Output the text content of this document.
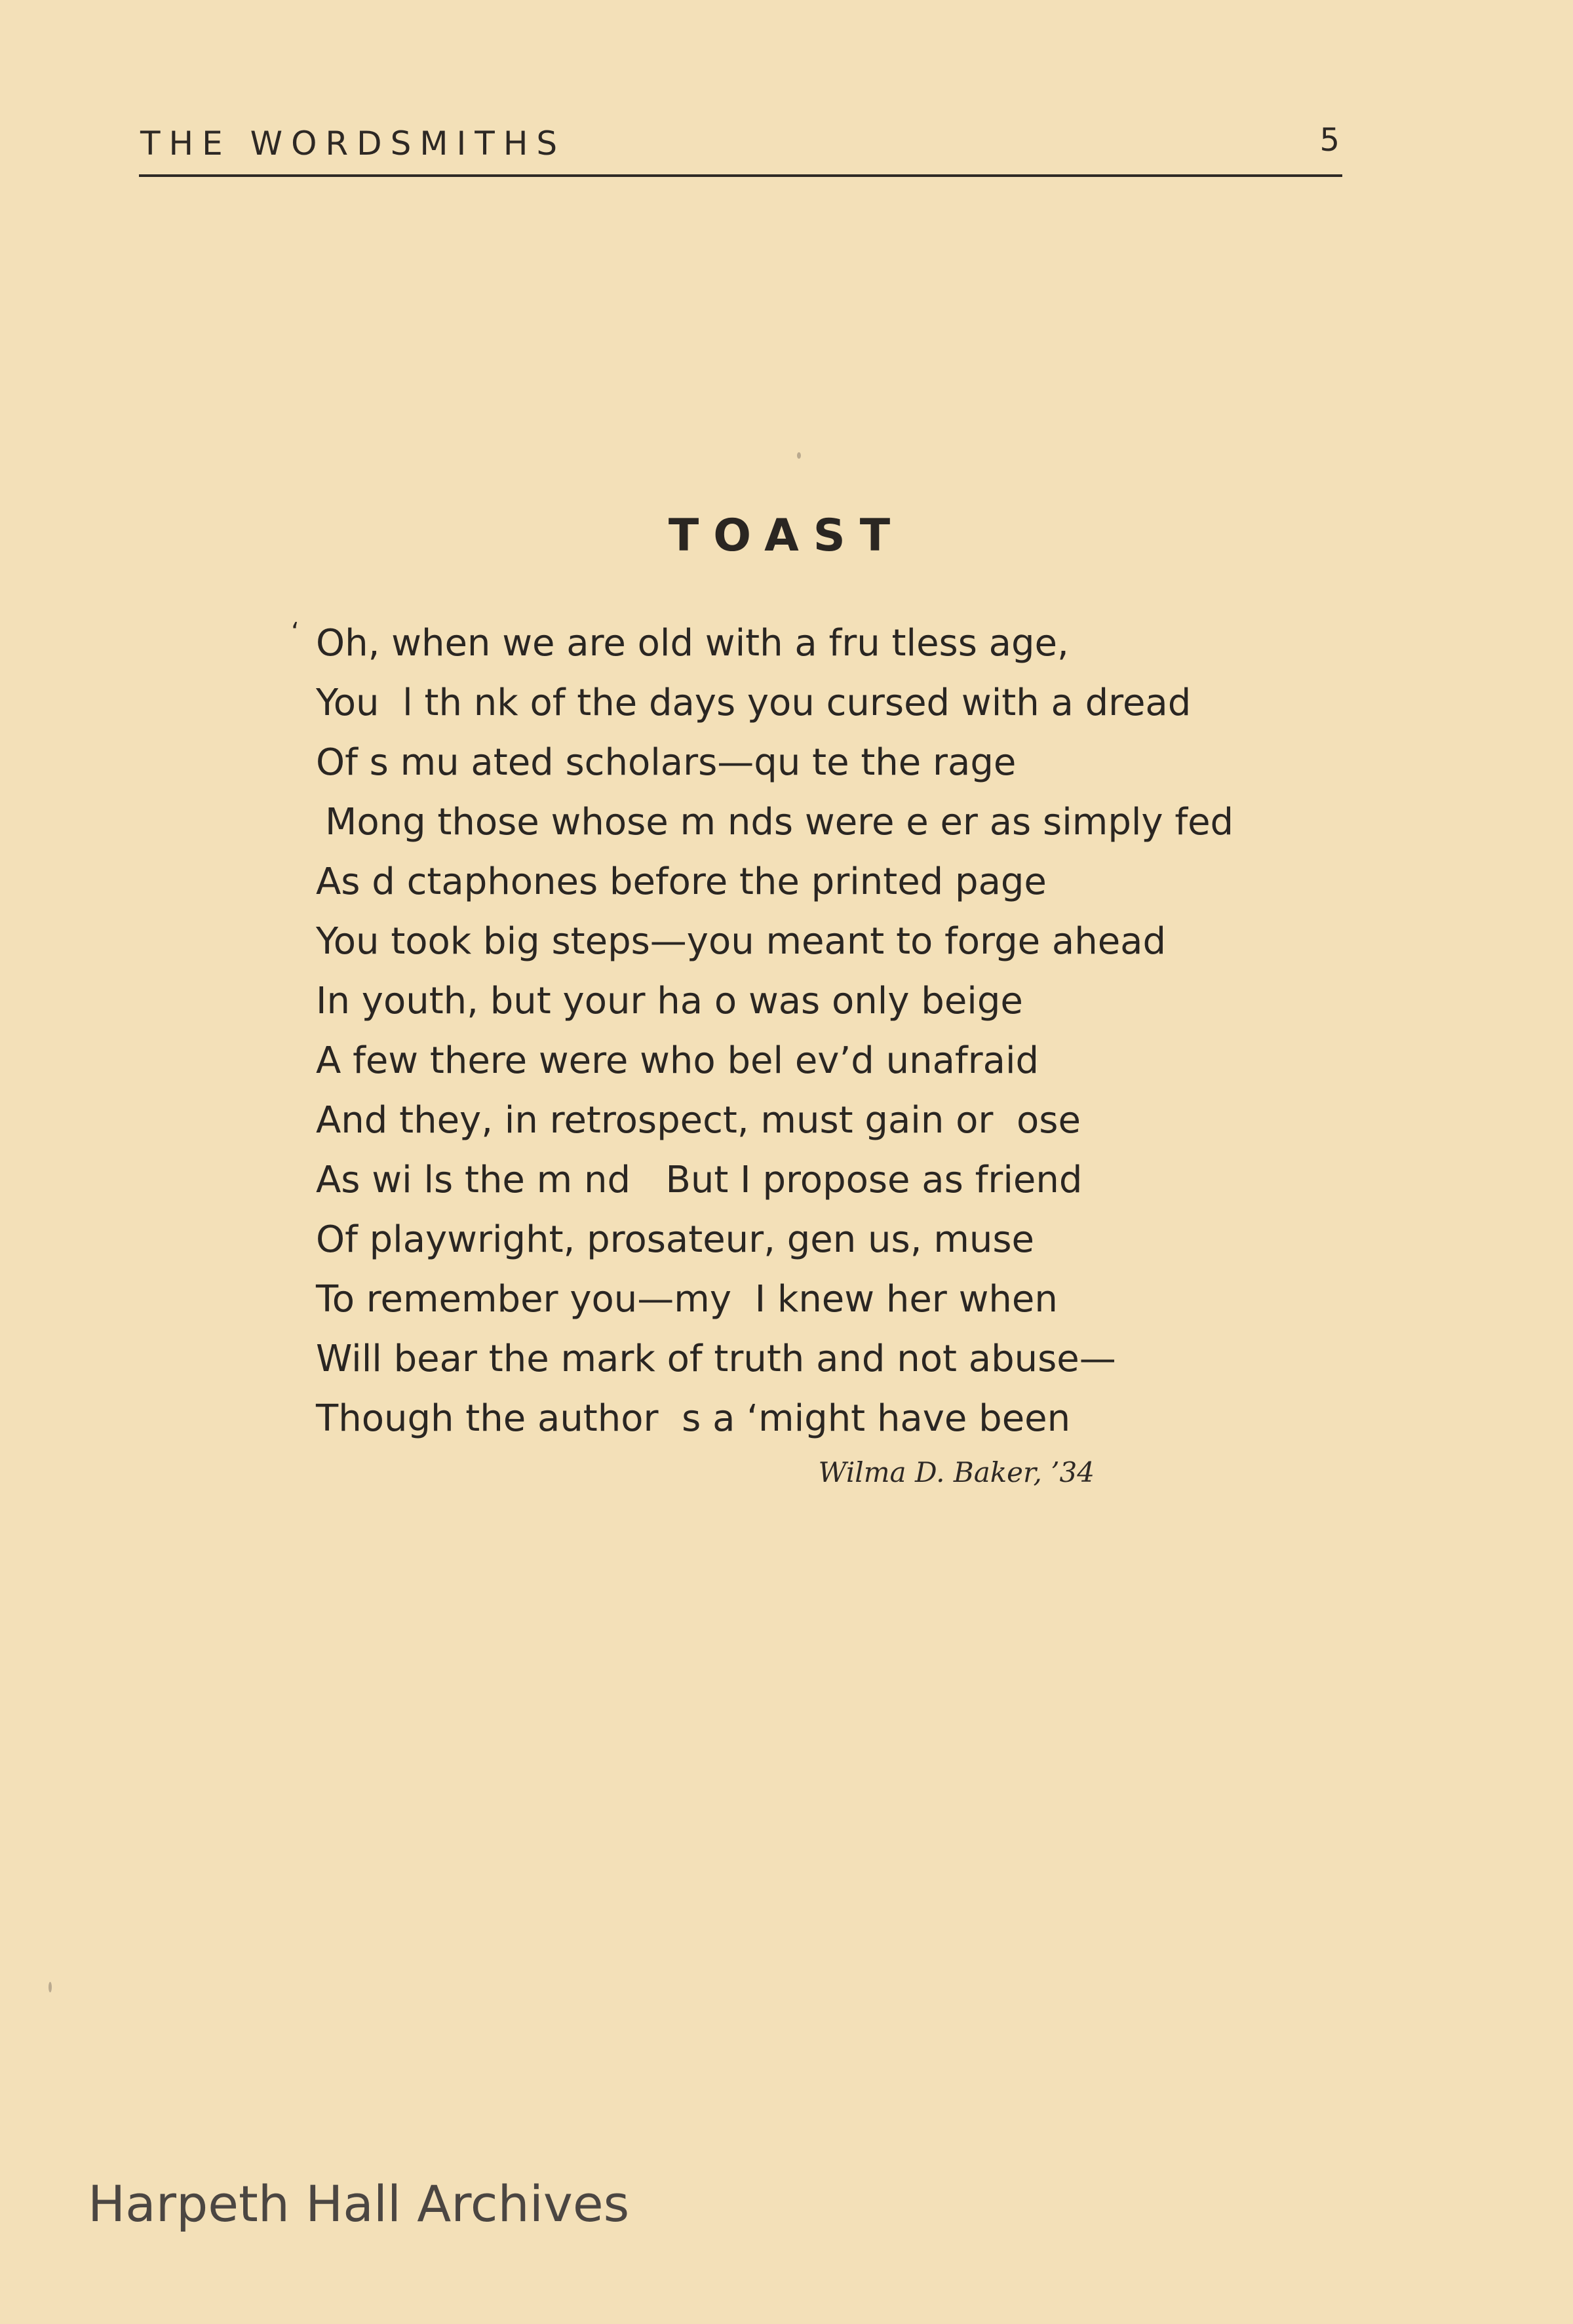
THE WORDSMITHS	5
TOAST
‘ Oh, when we are old with a fru tless age,
You  l th nk of the days you cursed with a dread
Of s mu ated scholars—qu te the rage
Mong those whose m nds were e er as simply fed
As d ctaphones before the printed page
You took big steps—you meant to forge ahead
In youth, but your ha o was only beige
A few there were who bel ev’d unafraid
And they, in retrospect, must gain or  ose
As wi ls the m nd   But I propose as friend
Of playwright, prosateur, gen us, muse
To remember you—my  I knew her when
Will bear the mark of truth and not abuse—
Though the author  s a ‘might have been
Wilma D. Baker, ’34
Harpeth Hall Archives
